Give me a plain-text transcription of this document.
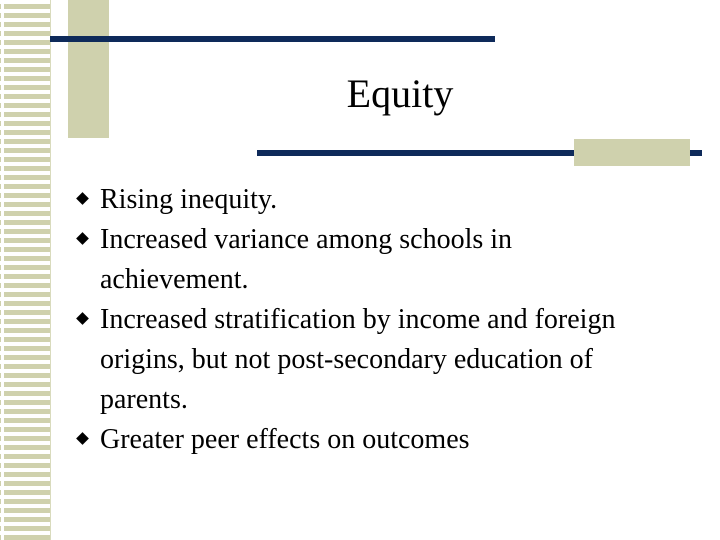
Equity
Rising inequity.
Increased variance among schools in achievement.
Increased stratification by income and foreign origins, but not post-secondary education of parents.
Greater peer effects on outcomes
